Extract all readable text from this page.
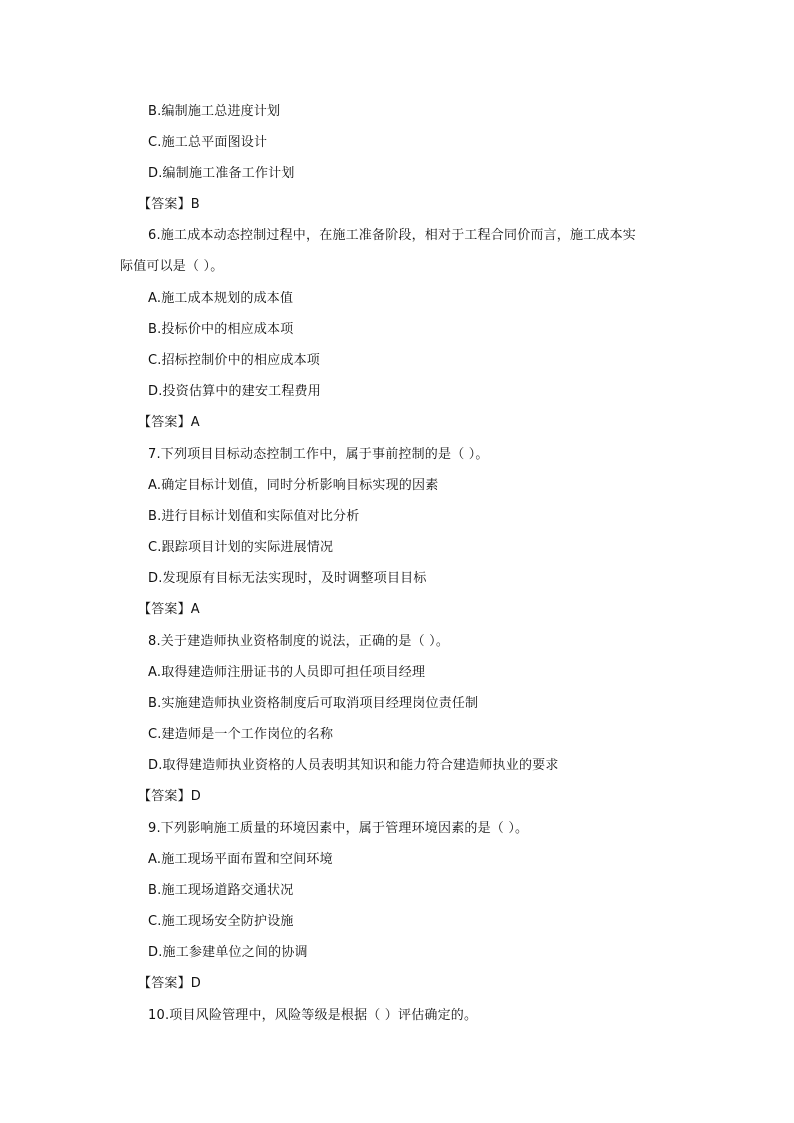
B.编制施工总进度计划
C.施工总平面图设计
D.编制施工准备工作计划
【答案】B
6.施工成本动态控制过程中，在施工准备阶段，相对于工程合同价而言，施工成本实
际值可以是（ ）。
A.施工成本规划的成本值
B.投标价中的相应成本项
C.招标控制价中的相应成本项
D.投资估算中的建安工程费用
【答案】A
7.下列项目目标动态控制工作中，属于事前控制的是（ ）。
A.确定目标计划值，同时分析影响目标实现的因素
B.进行目标计划值和实际值对比分析
C.跟踪项目计划的实际进展情况
D.发现原有目标无法实现时，及时调整项目目标
【答案】A
8.关于建造师执业资格制度的说法，正确的是（ ）。
A.取得建造师注册证书的人员即可担任项目经理
B.实施建造师执业资格制度后可取消项目经理岗位责任制
C.建造师是一个工作岗位的名称
D.取得建造师执业资格的人员表明其知识和能力符合建造师执业的要求
【答案】D
9.下列影响施工质量的环境因素中，属于管理环境因素的是（ ）。
A.施工现场平面布置和空间环境
B.施工现场道路交通状况
C.施工现场安全防护设施
D.施工参建单位之间的协调
【答案】D
10.项目风险管理中，风险等级是根据（ ）评估确定的。
